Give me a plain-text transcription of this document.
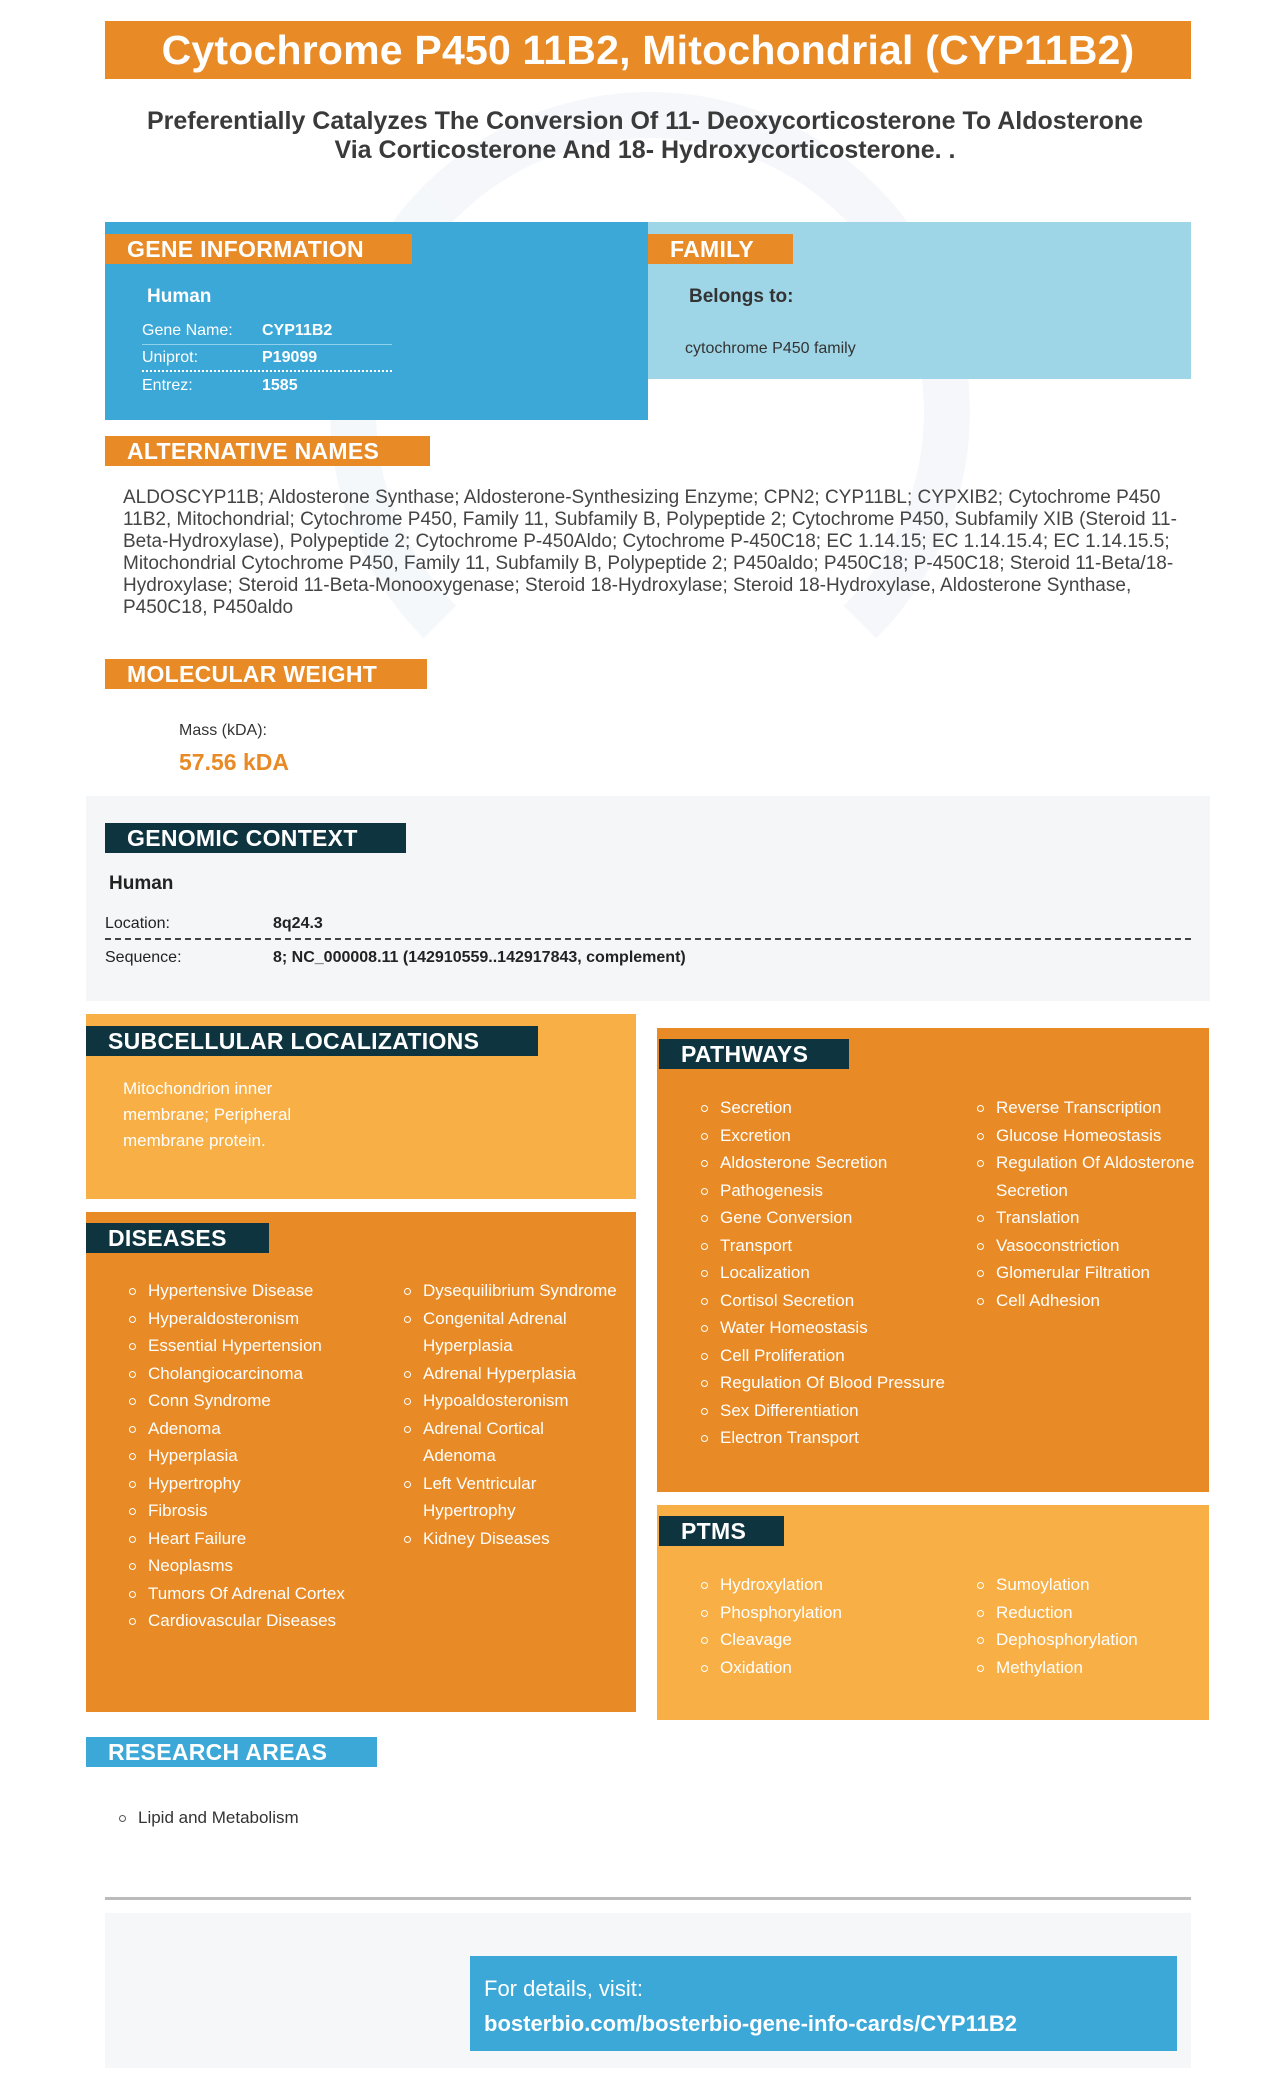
Cytochrome P450 11B2, Mitochondrial (CYP11B2)
Preferentially Catalyzes The Conversion Of 11- Deoxycorticosterone To Aldosterone Via Corticosterone And 18- Hydroxycorticosterone. .
GENE INFORMATION
Human
Gene Name:	CYP11B2
Uniprot:	P19099
Entrez:	1585
FAMILY
Belongs to:
cytochrome P450 family
ALTERNATIVE NAMES
ALDOSCYP11B; Aldosterone Synthase; Aldosterone-Synthesizing Enzyme; CPN2; CYP11BL; CYPXIB2; Cytochrome P450 11B2, Mitochondrial; Cytochrome P450, Family 11, Subfamily B, Polypeptide 2; Cytochrome P450, Subfamily XIB (Steroid 11-Beta-Hydroxylase), Polypeptide 2; Cytochrome P-450Aldo; Cytochrome P-450C18; EC 1.14.15; EC 1.14.15.4; EC 1.14.15.5; Mitochondrial Cytochrome P450, Family 11, Subfamily B, Polypeptide 2; P450aldo; P450C18; P-450C18; Steroid 11-Beta/18-Hydroxylase; Steroid 11-Beta-Monooxygenase; Steroid 18-Hydroxylase; Steroid 18-Hydroxylase, Aldosterone Synthase, P450C18, P450aldo
MOLECULAR WEIGHT
Mass (kDA):
57.56 kDA
GENOMIC CONTEXT
Human
Location:	8q24.3
Sequence:	8; NC_000008.11 (142910559..142917843, complement)
SUBCELLULAR LOCALIZATIONS
Mitochondrion inner
membrane; Peripheral
membrane protein.
DISEASES
Hypertensive Disease
Hyperaldosteronism
Essential Hypertension
Cholangiocarcinoma
Conn Syndrome
Adenoma
Hyperplasia
Hypertrophy
Fibrosis
Heart Failure
Neoplasms
Tumors Of Adrenal Cortex
Cardiovascular Diseases
Dysequilibrium Syndrome
Congenital Adrenal Hyperplasia
Adrenal Hyperplasia
Hypoaldosteronism
Adrenal Cortical Adenoma
Left Ventricular Hypertrophy
Kidney Diseases
PATHWAYS
Secretion
Excretion
Aldosterone Secretion
Pathogenesis
Gene Conversion
Transport
Localization
Cortisol Secretion
Water Homeostasis
Cell Proliferation
Regulation Of Blood Pressure
Sex Differentiation
Electron Transport
Reverse Transcription
Glucose Homeostasis
Regulation Of Aldosterone Secretion
Translation
Vasoconstriction
Glomerular Filtration
Cell Adhesion
PTMS
Hydroxylation
Phosphorylation
Cleavage
Oxidation
Sumoylation
Reduction
Dephosphorylation
Methylation
RESEARCH AREAS
Lipid and Metabolism
For details, visit:
bosterbio.com/bosterbio-gene-info-cards/CYP11B2
